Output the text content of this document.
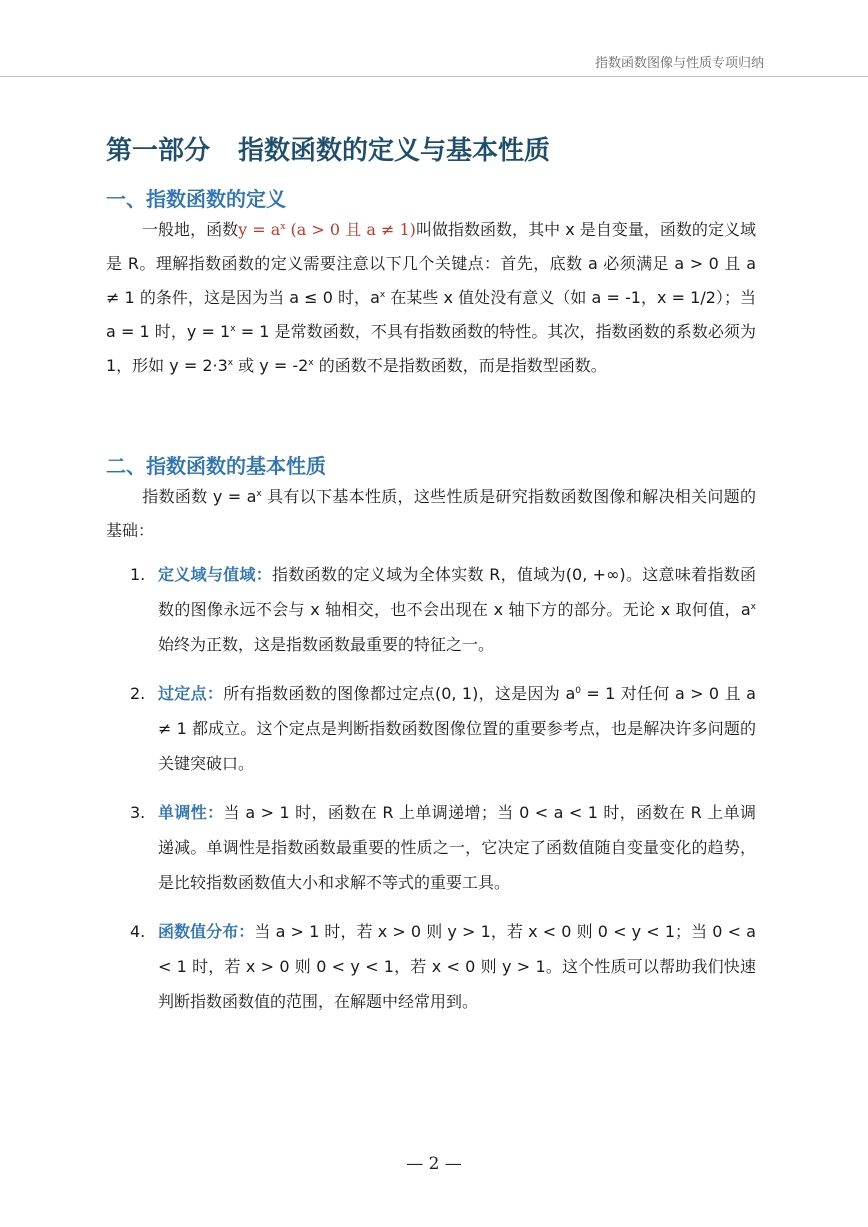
指数函数图像与性质专项归纳
第一部分 指数函数的定义与基本性质
一、指数函数的定义

一般地，函数$y = a^x$ (a > 0 且 a ≠ 1)叫做指数函数，其中 x 是自变量，函数的定义域是 R。理解指数函数的定义需要注意以下几个关键点：首先，底数 a 必须满足 a > 0 且 a ≠ 1 的条件，这是因为当 a ≤ 0 时，$a^x$ 在某些 x 值处没有意义（如 a = -1，x = 1/2）；当 a = 1 时，$y = 1^x = 1$ 是常数函数，不具有指数函数的特性。其次，指数函数的系数必须为 1，形如 $y = 2\cdot 3^x$ 或 $y = -2^x$ 的函数不是指数函数，而是指数型函数。

二、指数函数的基本性质

指数函数 $y = a^x$ 具有以下基本性质，这些性质是研究指数函数图像和解决相关问题的基础：

1. 定义域与值域：指数函数的定义域为全体实数 R，值域为(0, +∞)。这意味着指数函数的图像永远不会与 x 轴相交，也不会出现在 x 轴下方的部分。无论 x 取何值，$a^x$ 始终为正数，这是指数函数最重要的特征之一。
2. 过定点：所有指数函数的图像都过定点(0, 1)，这是因为 $a^0 = 1$ 对任何 a > 0 且 a ≠ 1 都成立。这个定点是判断指数函数图像位置的重要参考点，也是解决许多问题的关键突破口。
3. 单调性：当 a > 1 时，函数在 R 上单调递增；当 0 < a < 1 时，函数在 R 上单调递减。单调性是指数函数最重要的性质之一，它决定了函数值随自变量变化的趋势，是比较指数函数值大小和求解不等式的重要工具。
4. 函数值分布：当 a > 1 时，若 x > 0 则 y > 1，若 x < 0 则 0 < y < 1；当 0 < a < 1 时，若 x > 0 则 0 < y < 1，若 x < 0 则 y > 1。这个性质可以帮助我们快速判断指数函数值的范围，在解题中经常用到。
— 2 —
